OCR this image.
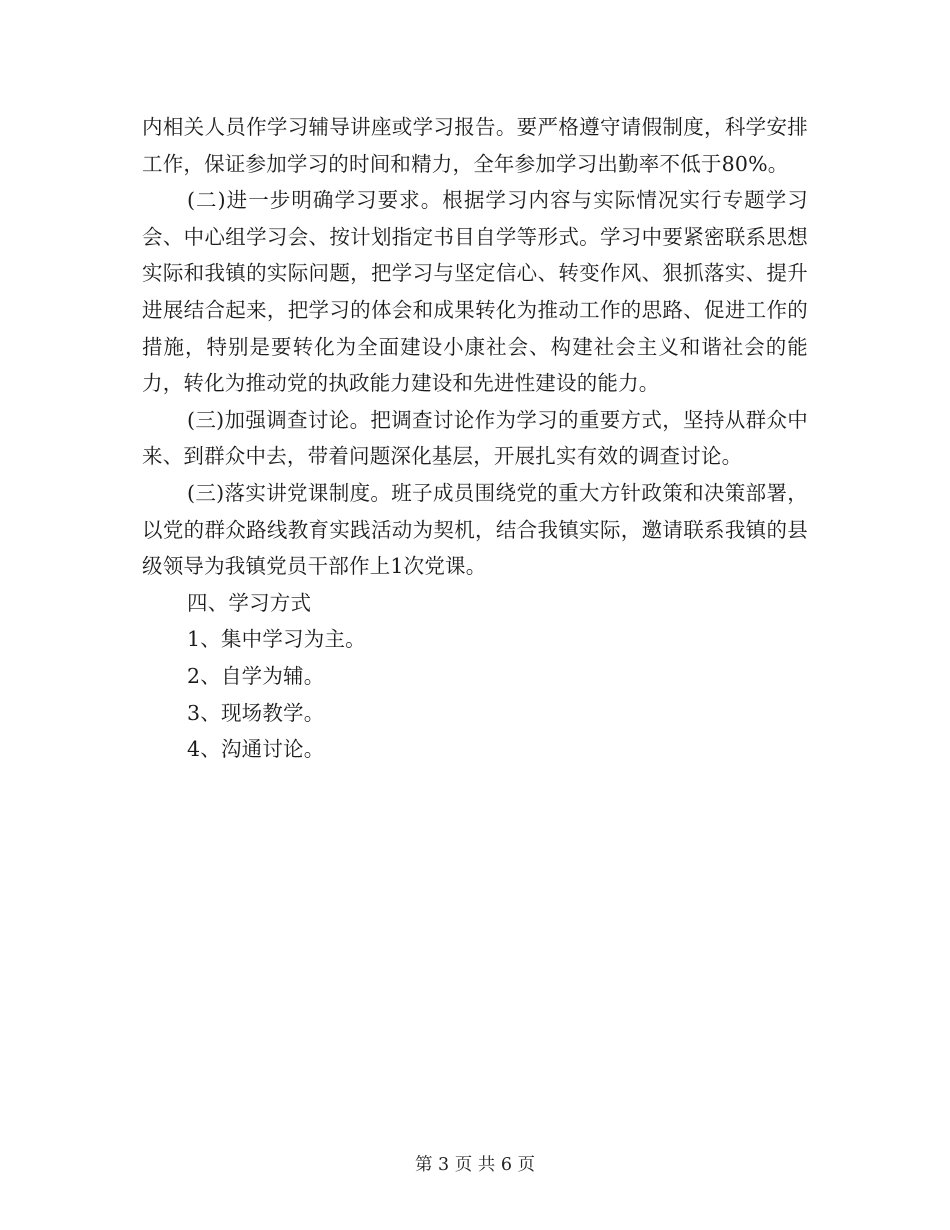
内相关人员作学习辅导讲座或学习报告。要严格遵守请假制度，科学安排工作，保证参加学习的时间和精力，全年参加学习出勤率不低于80%。

(二)进一步明确学习要求。根据学习内容与实际情况实行专题学习会、中心组学习会、按计划指定书目自学等形式。学习中要紧密联系思想实际和我镇的实际问题，把学习与坚定信心、转变作风、狠抓落实、提升进展结合起来，把学习的体会和成果转化为推动工作的思路、促进工作的措施，特别是要转化为全面建设小康社会、构建社会主义和谐社会的能力，转化为推动党的执政能力建设和先进性建设的能力。

(三)加强调查讨论。把调查讨论作为学习的重要方式，坚持从群众中来、到群众中去，带着问题深化基层，开展扎实有效的调查讨论。

(三)落实讲党课制度。班子成员围绕党的重大方针政策和决策部署，以党的群众路线教育实践活动为契机，结合我镇实际，邀请联系我镇的县级领导为我镇党员干部作上1次党课。

四、学习方式

1、集中学习为主。

2、自学为辅。

3、现场教学。

4、沟通讨论。

第 3 页 共 6 页
